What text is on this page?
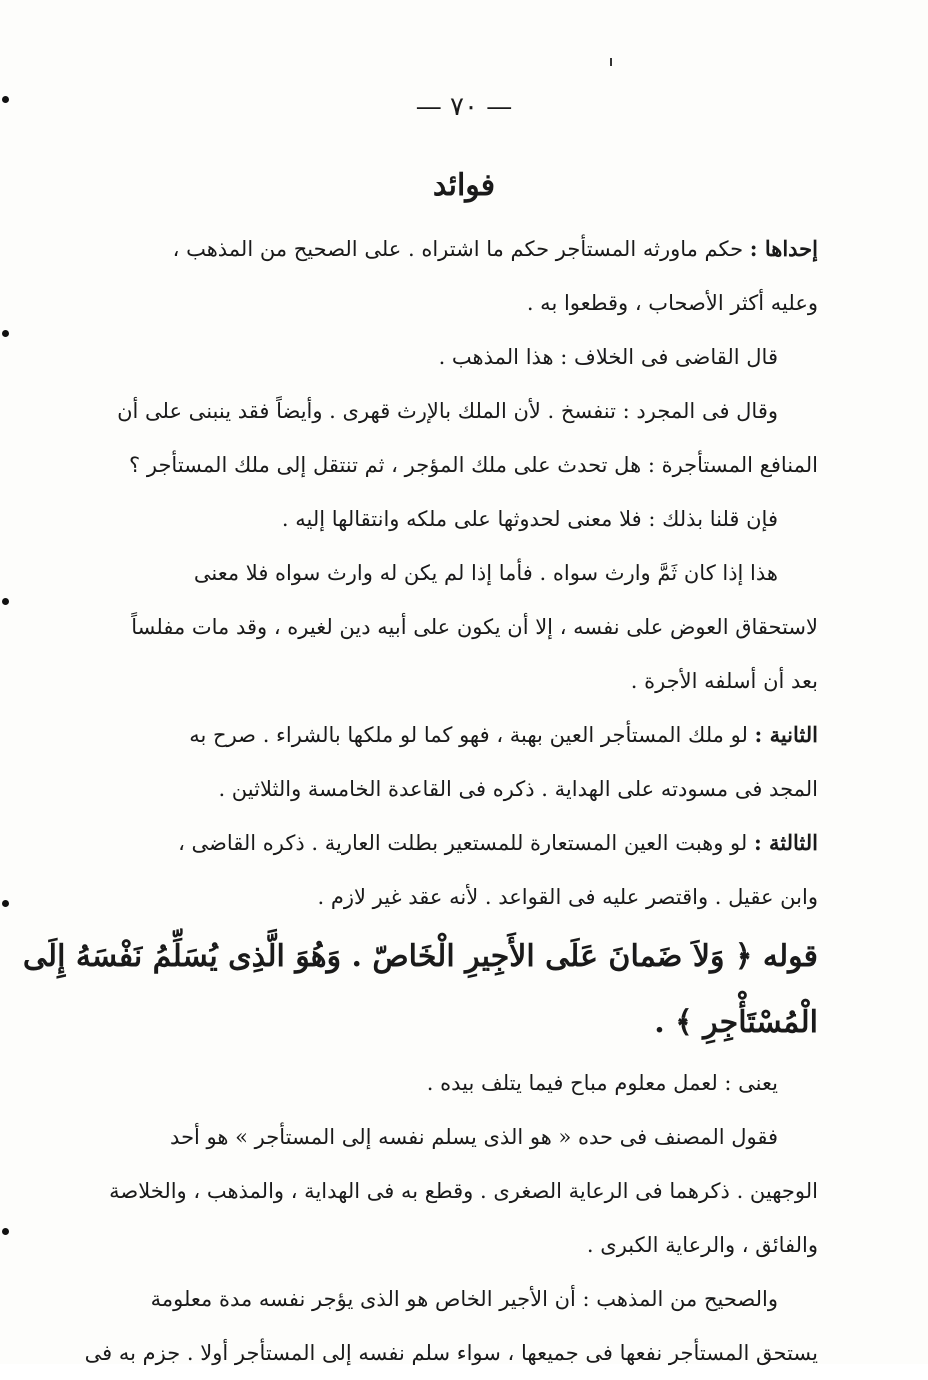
— ٧٠ —
فوائد
إحداها : حكم ماورثه المستأجر حكم ما اشتراه . على الصحيح من المذهب ،
وعليه أكثر الأصحاب ، وقطعوا به .
قال القاضى فى الخلاف : هذا المذهب .
وقال فى المجرد : تنفسخ . لأن الملك بالإرث قهرى . وأيضاً فقد ينبنى على أن
المنافع المستأجرة : هل تحدث على ملك المؤجر ، ثم تنتقل إلى ملك المستأجر ؟
فإن قلنا بذلك : فلا معنى لحدوثها على ملكه وانتقالها إليه .
هذا إذا كان ثَمَّ وارث سواه . فأما إذا لم يكن له وارث سواه فلا معنى
لاستحقاق العوض على نفسه ، إلا أن يكون على أبيه دين لغيره ، وقد مات مفلساً
بعد أن أسلفه الأجرة .
الثانية : لو ملك المستأجر العين بهبة ، فهو كما لو ملكها بالشراء . صرح به
المجد فى مسودته على الهداية . ذكره فى القاعدة الخامسة والثلاثين .
الثالثة : لو وهبت العين المستعارة للمستعير بطلت العارية . ذكره القاضى ،
وابن عقيل . واقتصر عليه فى القواعد . لأنه عقد غير لازم .
قوله ﴿ وَلاَ ضَمانَ عَلَى الأَجِيرِ الْخَاصّ . وَهُوَ الَّذِى يُسَلِّمُ نَفْسَهُ إِلَى
الْمُسْتَأْجِرِ ﴾ .
يعنى : لعمل معلوم مباح فيما يتلف بيده .
فقول المصنف فى حده « هو الذى يسلم نفسه إلى المستأجر » هو أحد
الوجهين . ذكرهما فى الرعاية الصغرى . وقطع به فى الهداية ، والمذهب ، والخلاصة
والفائق ، والرعاية الكبرى .
والصحيح من المذهب : أن الأجير الخاص هو الذى يؤجر نفسه مدة معلومة
يستحق المستأجر نفعها فى جميعها ، سواء سلم نفسه إلى المستأجر أولا . جزم به فى
